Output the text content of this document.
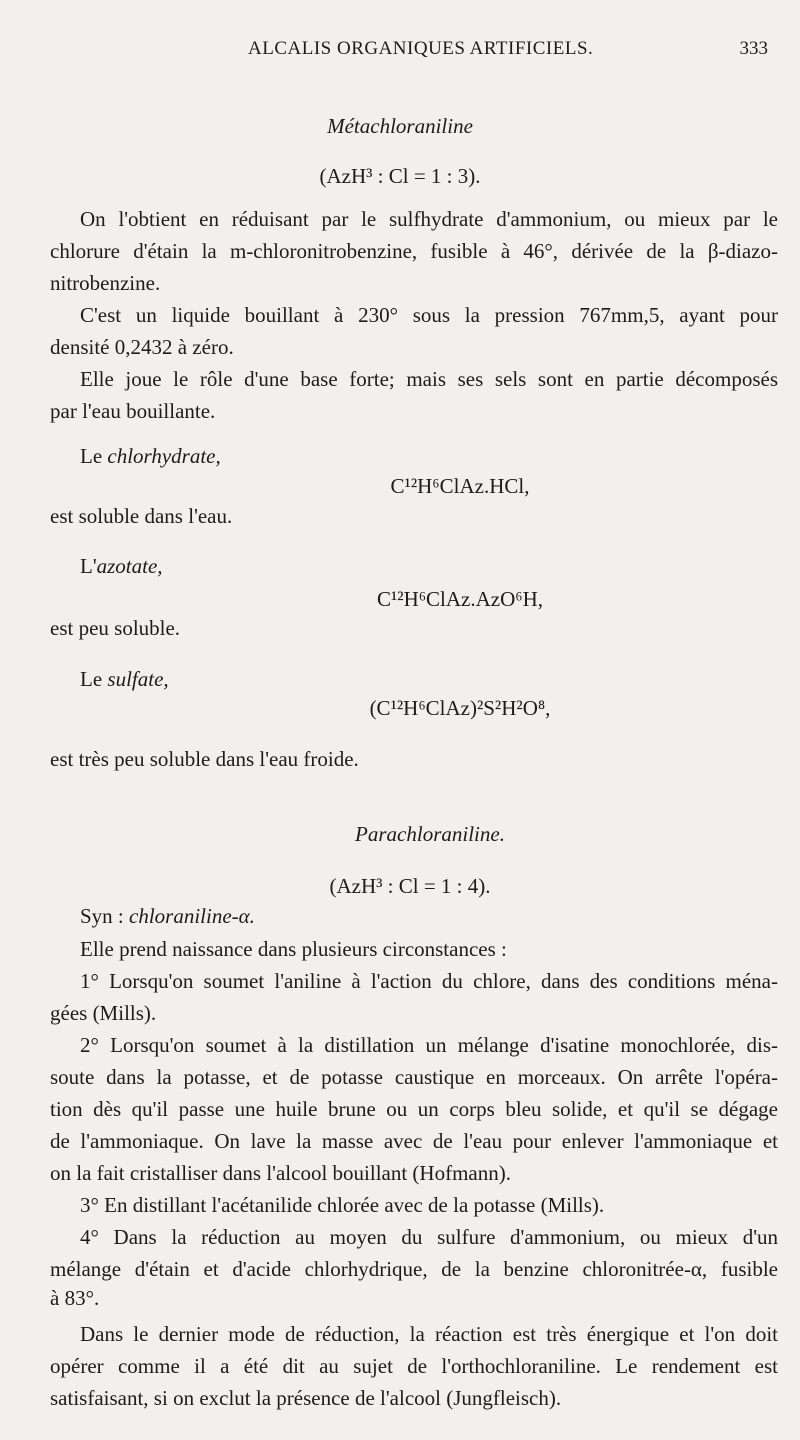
ALCALIS ORGANIQUES ARTIFICIELS.	333
Métachloraniline
(AzH³ : Cl = 1 : 3).
On l'obtient en réduisant par le sulfhydrate d'ammonium, ou mieux par le
chlorure d'étain la m-chloronitrobenzine, fusible à 46°, dérivée de la β-diazo-
nitrobenzine.
C'est un liquide bouillant à 230° sous la pression 767mm,5, ayant pour
densité 0,2432 à zéro.
Elle joue le rôle d'une base forte; mais ses sels sont en partie décomposés
par l'eau bouillante.
Le chlorhydrate,
C¹²H⁶ClAz.HCl,
est soluble dans l'eau.
L'azotate,
C¹²H⁶ClAz.AzO⁶H,
est peu soluble.
Le sulfate,
(C¹²H⁶ClAz)²S²H²O⁸,
est très peu soluble dans l'eau froide.
Parachloraniline.
(AzH³ : Cl = 1 : 4).
Syn : chloraniline-α.
Elle prend naissance dans plusieurs circonstances :
1° Lorsqu'on soumet l'aniline à l'action du chlore, dans des conditions ména-
gées (Mills).
2° Lorsqu'on soumet à la distillation un mélange d'isatine monochlorée, dis-
soute dans la potasse, et de potasse caustique en morceaux. On arrête l'opéra-
tion dès qu'il passe une huile brune ou un corps bleu solide, et qu'il se dégage
de l'ammoniaque. On lave la masse avec de l'eau pour enlever l'ammoniaque et
on la fait cristalliser dans l'alcool bouillant (Hofmann).
3° En distillant l'acétanilide chlorée avec de la potasse (Mills).
4° Dans la réduction au moyen du sulfure d'ammonium, ou mieux d'un
mélange d'étain et d'acide chlorhydrique, de la benzine chloronitrée-α, fusible
à 83°.
Dans le dernier mode de réduction, la réaction est très énergique et l'on doit
opérer comme il a été dit au sujet de l'orthochloraniline. Le rendement est
satisfaisant, si on exclut la présence de l'alcool (Jungfleisch).
